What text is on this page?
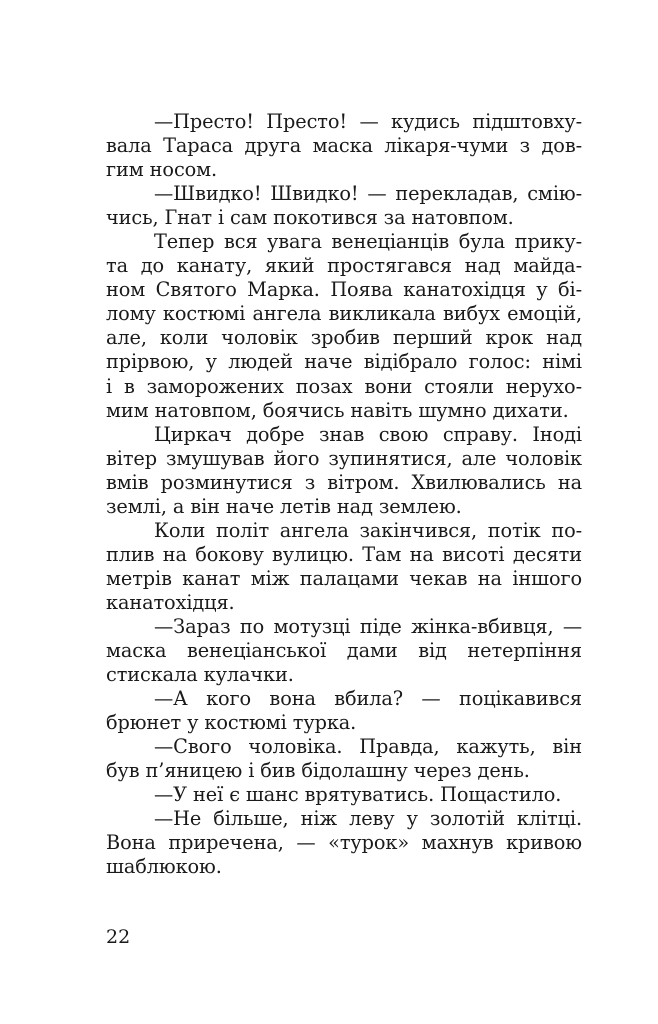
—Престо! Престо! — кудись підштовху-
вала Тараса друга маска лікаря-чуми з дов-
гим носом.
—Швидко! Швидко! — перекладав, смію-
чись, Гнат і сам покотився за натовпом.
Тепер вся увага венеціанців була прику-
та до канату, який простягався над майда-
ном Святого Марка. Поява канатохідця у бі-
лому костюмі ангела викликала вибух емоцій,
але, коли чоловік зробив перший крок над
прірвою, у людей наче відібрало голос: німі
і в заморожених позах вони стояли нерухо-
мим натовпом, боячись навіть шумно дихати.
Циркач добре знав свою справу. Іноді
вітер змушував його зупинятися, але чоловік
вмів розминутися з вітром. Хвилювались на
землі, а він наче летів над землею.
Коли політ ангела закінчився, потік по-
плив на бокову вулицю. Там на висоті десяти
метрів канат між палацами чекав на іншого
канатохідця.
—Зараз по мотузці піде жінка-вбивця, —
маска венеціанської дами від нетерпіння
стискала кулачки.
—А кого вона вбила? — поцікавився
брюнет у костюмі турка.
—Свого чоловіка. Правда, кажуть, він
був п’яницею і бив бідолашну через день.
—У неї є шанс врятуватись. Пощастило.
—Не більше, ніж леву у золотій клітці.
Вона приречена, — «турок» махнув кривою
шаблюкою.
22
